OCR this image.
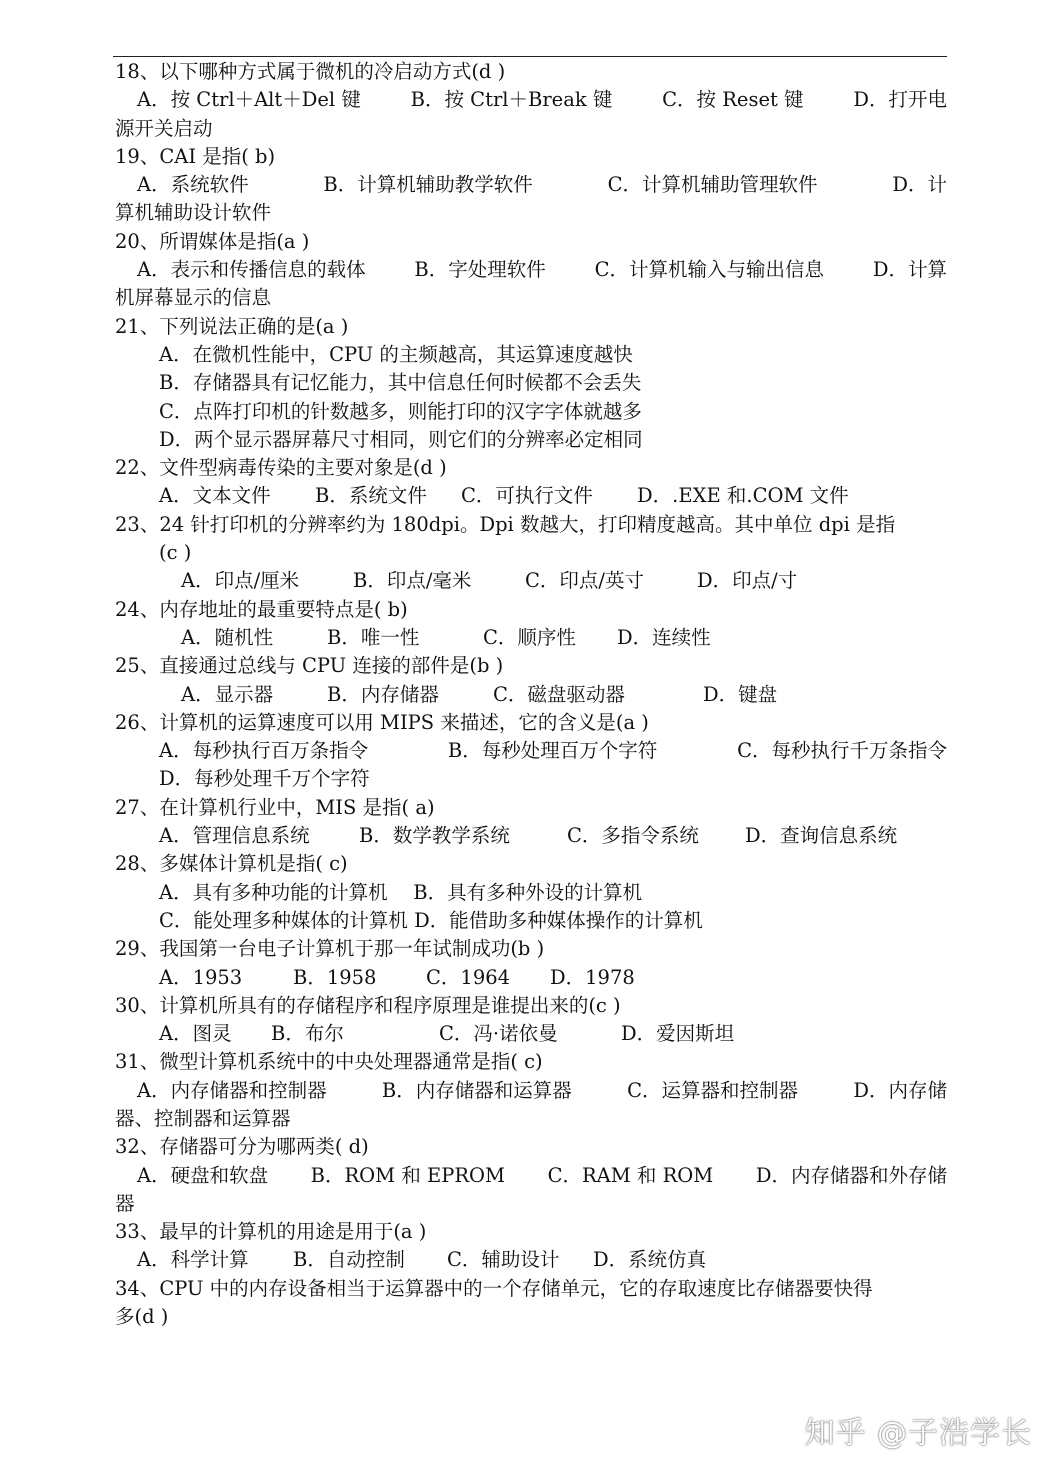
18、以下哪种方式属于微机的冷启动方式(d )
A．按 Ctrl＋Alt＋Del 键	B．按 Ctrl＋Break 键	C．按 Reset 键	D．打开电
源开关启动
19、CAI 是指( b)
A．系统软件	B．计算机辅助教学软件	C．计算机辅助管理软件	D．计
算机辅助设计软件
20、所谓媒体是指(a )
A．表示和传播信息的载体	B．字处理软件	C．计算机输入与输出信息	D．计算
机屏幕显示的信息
21、下列说法正确的是(a )
A．在微机性能中，CPU 的主频越高，其运算速度越快
B．存储器具有记忆能力，其中信息任何时候都不会丢失
C．点阵打印机的针数越多，则能打印的汉字字体就越多
D．两个显示器屏幕尺寸相同，则它们的分辨率必定相同
22、文件型病毒传染的主要对象是(d )
A．文本文件 B．系统文件 C．可执行文件 D．.EXE 和.COM 文件
23、24 针打印机的分辨率约为 180dpi。Dpi 数越大，打印精度越高。其中单位 dpi 是指
(c )
A．印点/厘米	B．印点/毫米	C．印点/英寸	D．印点/寸
24、内存地址的最重要特点是( b)
A．随机性	B．唯一性	C．顺序性 D．连续性
25、直接通过总线与 CPU 连接的部件是(b )
A．显示器	B．内存储器	C．磁盘驱动器	D．键盘
26、计算机的运算速度可以用 MIPS 来描述，它的含义是(a )
A．每秒执行百万条指令	B．每秒处理百万个字符	C．每秒执行千万条指令
D．每秒处理千万个字符
27、在计算机行业中，MIS 是指( a)
A．管理信息系统	B．数学教学系统	C．多指令系统 D．查询信息系统
28、多媒体计算机是指( c)
A．具有多种功能的计算机　 B．具有多种外设的计算机
C．能处理多种媒体的计算机 D．能借助多种媒体操作的计算机
29、我国第一台电子计算机于那一年试制成功(b )
A．1953	B．1958	C．1964 D．1978
30、计算机所具有的存储程序和程序原理是谁提出来的(c )
A．图灵 B．布尔	C．冯·诺依曼	D．爱因斯坦
31、微型计算机系统中的中央处理器通常是指( c)
A．内存储器和控制器	B．内存储器和运算器	C．运算器和控制器	D．内存储
器、控制器和运算器
32、存储器可分为哪两类( d)
A．硬盘和软盘 B．ROM 和 EPROM C．RAM 和 ROM D．内存储器和外存储
器
33、最早的计算机的用途是用于(a )
A．科学计算 B．自动控制 C．辅助设计 D．系统仿真
34、CPU 中的内存设备相当于运算器中的一个存储单元，它的存取速度比存储器要快得
多(d )
知乎 @子浩学长
